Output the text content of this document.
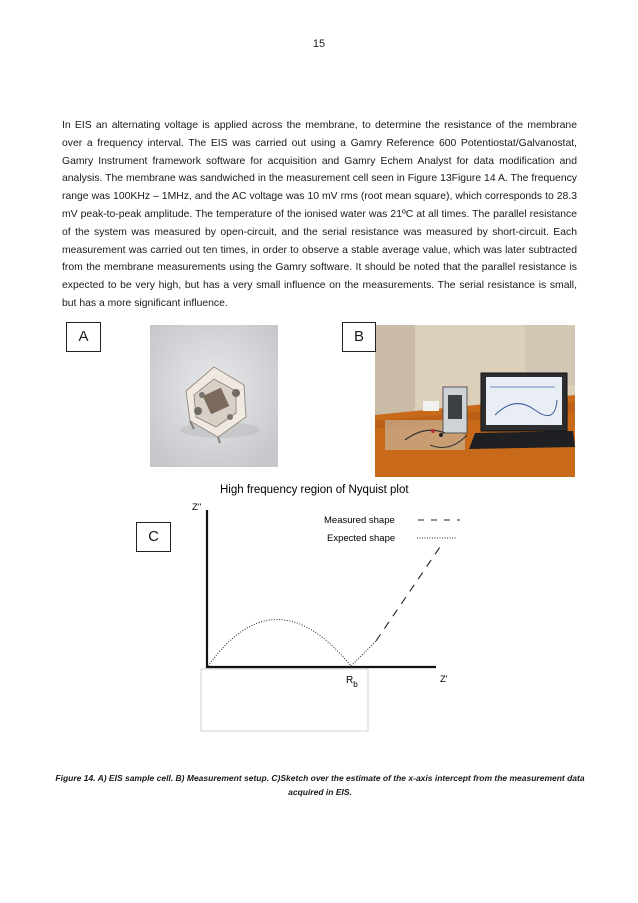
15

In EIS an alternating voltage is applied across the membrane, to determine the resistance of the membrane over a frequency interval. The EIS was carried out using a Gamry Reference 600 Potentiostat/Galvanostat, Gamry Instrument framework software for acquisition and Gamry Echem Analyst for data modification and analysis. The membrane was sandwiched in the measurement cell seen in Figure 13Figure 14 A. The frequency range was 100KHz – 1MHz, and the AC voltage was 10 mV rms (root mean square), which corresponds to 28.3 mV peak-to-peak amplitude. The temperature of the ionised water was 21ºC at all times. The parallel resistance of the system was measured by open-circuit, and the serial resistance was measured by short-circuit. Each measurement was carried out ten times, in order to observe a stable average value, which was later subtracted from the membrane measurements using the Gamry software. It should be noted that the parallel resistance is expected to be very high, but has a very small influence on the measurements. The serial resistance is small, but has a more significant influence.

A	B
C
High frequency region of Nyquist plot
Z''
Measured shape
Expected shape
$R_b$	Z'

Figure 14. A) EIS sample cell. B) Measurement setup. C)Sketch over the estimate of the x-axis intercept from the measurement data acquired in EIS.
